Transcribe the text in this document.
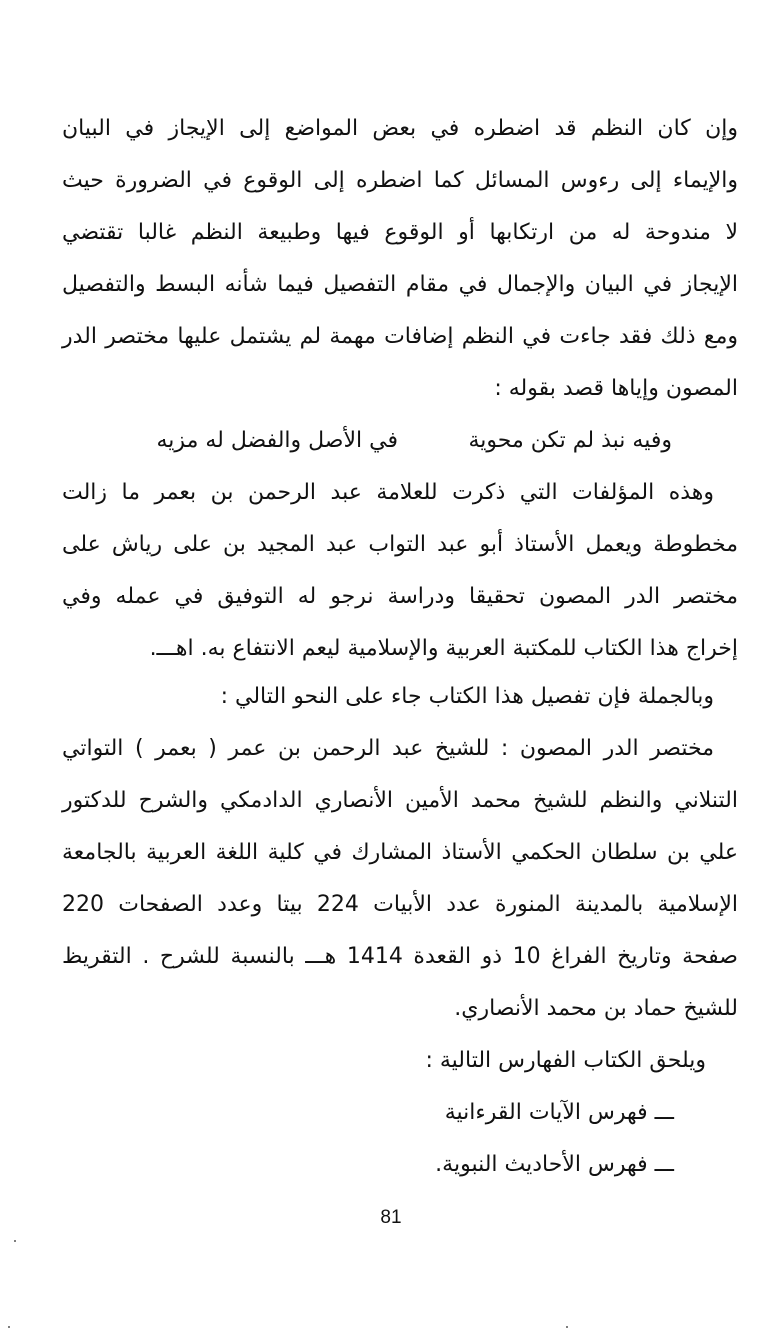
وإن كان النظم قد اضطره في بعض المواضع إلى الإيجاز في البيان
والإيماء إلى رءوس المسائل كما اضطره إلى الوقوع في الضرورة حيث
لا مندوحة له من ارتكابها أو الوقوع فيها وطبيعة النظم غالبا تقتضي
الإيجاز في البيان والإجمال في مقام التفصيل فيما شأنه البسط والتفصيل
ومع ذلك فقد جاءت في النظم إضافات مهمة لم يشتمل عليها مختصر الدر
المصون وإياها قصد بقوله :
وفيه نبذ لم تكن محوية
في الأصل والفضل له مزيه
وهذه المؤلفات التي ذكرت للعلامة عبد الرحمن بن بعمر ما زالت
مخطوطة ويعمل الأستاذ أبو عبد التواب عبد المجيد بن على رياش على
مختصر الدر المصون تحقيقا ودراسة نرجو له التوفيق في عمله وفي
إخراج هذا الكتاب للمكتبة العربية والإسلامية ليعم الانتفاع به. اهـــ.
وبالجملة فإن تفصيل هذا الكتاب جاء على النحو التالي :
مختصر الدر المصون : للشيخ عبد الرحمن بن عمر ( بعمر ) التواتي
التنلاني والنظم للشيخ محمد الأمين الأنصاري الدادمكي والشرح للدكتور
علي بن سلطان الحكمي الأستاذ المشارك في كلية اللغة العربية بالجامعة
الإسلامية بالمدينة المنورة عدد الأبيات 224 بيتا وعدد الصفحات 220
صفحة وتاريخ الفراغ 10 ذو القعدة 1414 هـــ بالنسبة للشرح . التقريظ
للشيخ حماد بن محمد الأنصاري.
ويلحق الكتاب الفهارس التالية :
ـــ فهرس الآيات القرءانية
ـــ فهرس الأحاديث النبوية.
81
